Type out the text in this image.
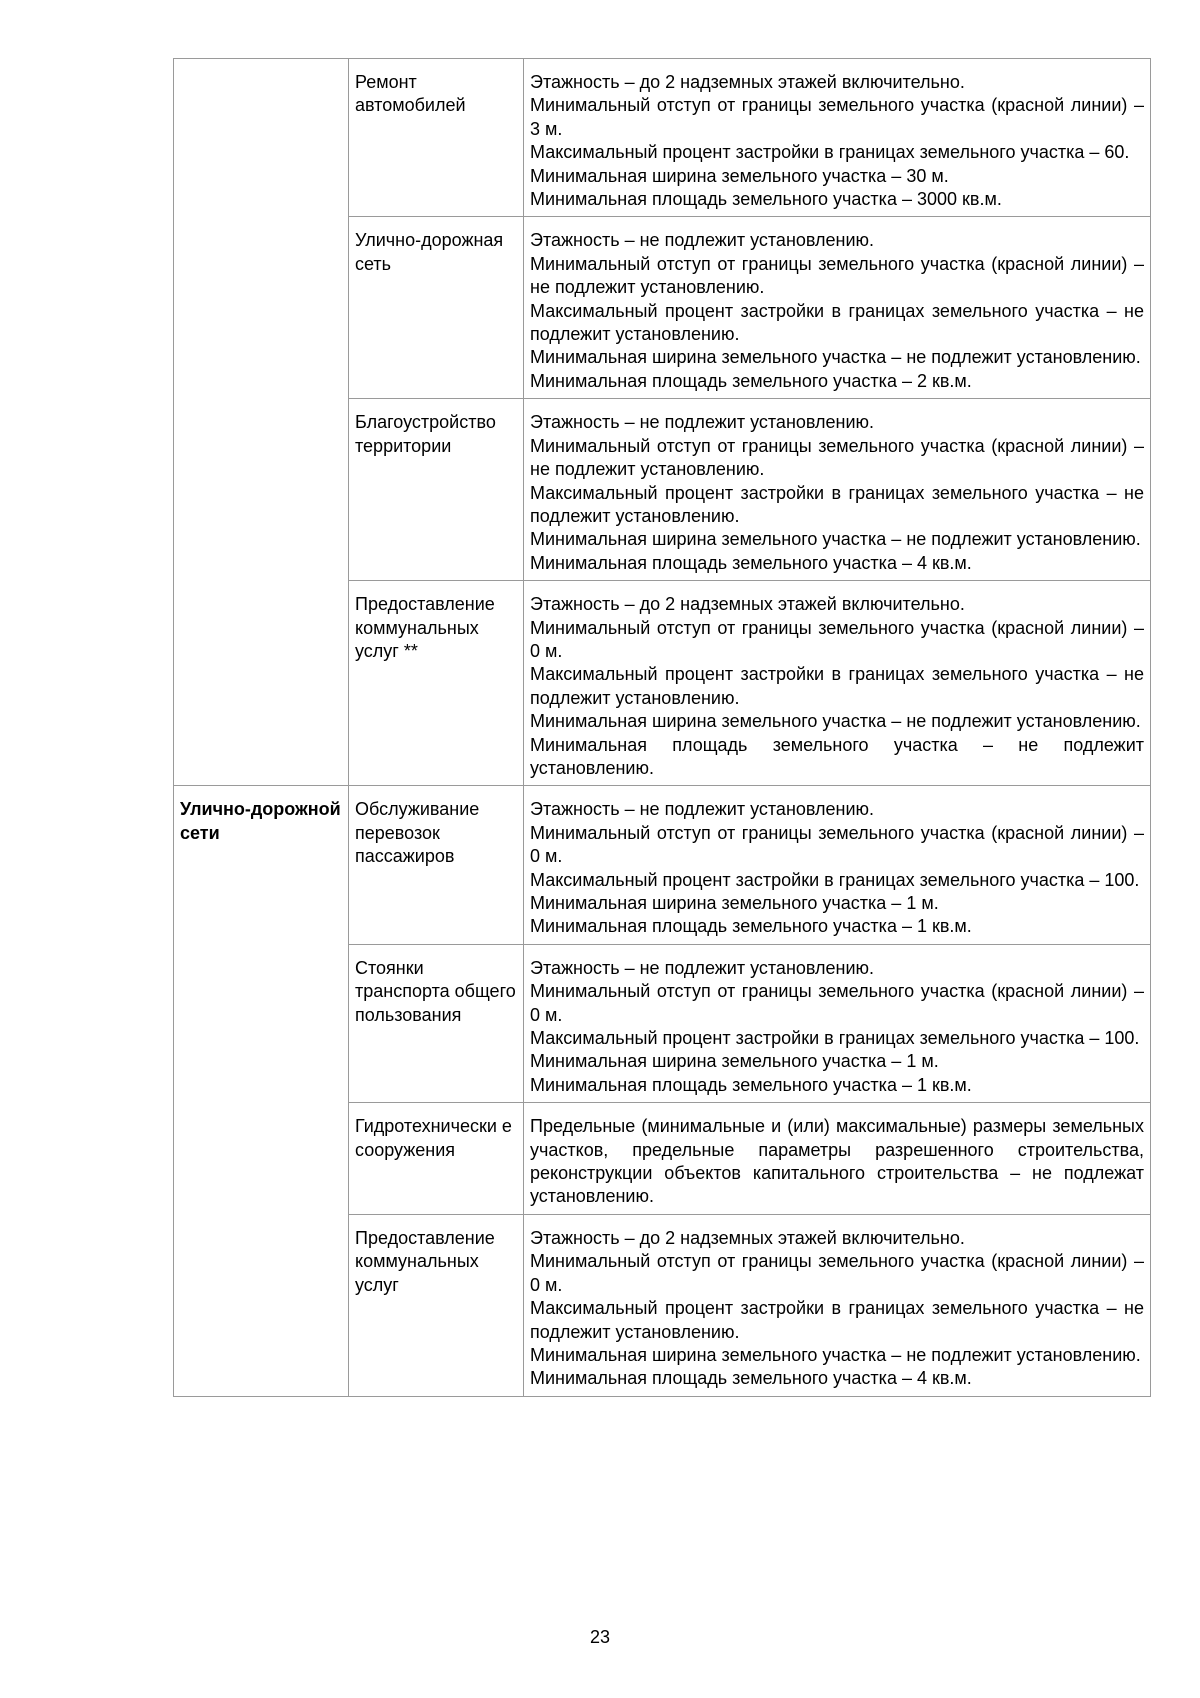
	Ремонт автомобилей	Этажность – до 2 надземных этажей включительно.

Минимальный отступ от границы земельного участка (красной линии) – 3 м.

Максимальный процент застройки в границах земельного участка – 60.

Минимальная ширина земельного участка – 30 м.

Минимальная площадь земельного участка – 3000 кв.м.

	Улично-дорожная сеть	Этажность – не подлежит установлению.

Минимальный отступ от границы земельного участка (красной линии) – не подлежит установлению.

Максимальный процент застройки в границах земельного участка – не подлежит установлению.

Минимальная ширина земельного участка – не подлежит установлению.

Минимальная площадь земельного участка – 2 кв.м.

	Благоустройство территории	Этажность – не подлежит установлению.

Минимальный отступ от границы земельного участка (красной линии) – не подлежит установлению.

Максимальный процент застройки в границах земельного участка – не подлежит установлению.

Минимальная ширина земельного участка – не подлежит установлению.

Минимальная площадь земельного участка – 4 кв.м.

	Предоставление коммунальных услуг **	Этажность – до 2 надземных этажей включительно.

Минимальный отступ от границы земельного участка (красной линии) – 0 м.

Максимальный процент застройки в границах земельного участка – не подлежит установлению.

Минимальная ширина земельного участка – не подлежит установлению.

Минимальная площадь земельного участка – не подлежит установлению.

Улично-дорожной сети	Обслуживание перевозок пассажиров	Этажность – не подлежит установлению.

Минимальный отступ от границы земельного участка (красной линии) – 0 м.

Максимальный процент застройки в границах земельного участка – 100.

Минимальная ширина земельного участка – 1 м.

Минимальная площадь земельного участка – 1 кв.м.

	Стоянки транспорта общего пользования	Этажность – не подлежит установлению.

Минимальный отступ от границы земельного участка (красной линии) – 0 м.

Максимальный процент застройки в границах земельного участка – 100.

Минимальная ширина земельного участка – 1 м.

Минимальная площадь земельного участка – 1 кв.м.

	Гидротехнически е сооружения	Предельные (минимальные и (или) максимальные) размеры земельных участков, предельные параметры разрешенного строительства, реконструкции объектов капитального строительства – не подлежат установлению.

	Предоставление коммунальных услуг	Этажность – до 2 надземных этажей включительно.

Минимальный отступ от границы земельного участка (красной линии) – 0 м.

Максимальный процент застройки в границах земельного участка – не подлежит установлению.

Минимальная ширина земельного участка – не подлежит установлению.

Минимальная площадь земельного участка – 4 кв.м.

23
